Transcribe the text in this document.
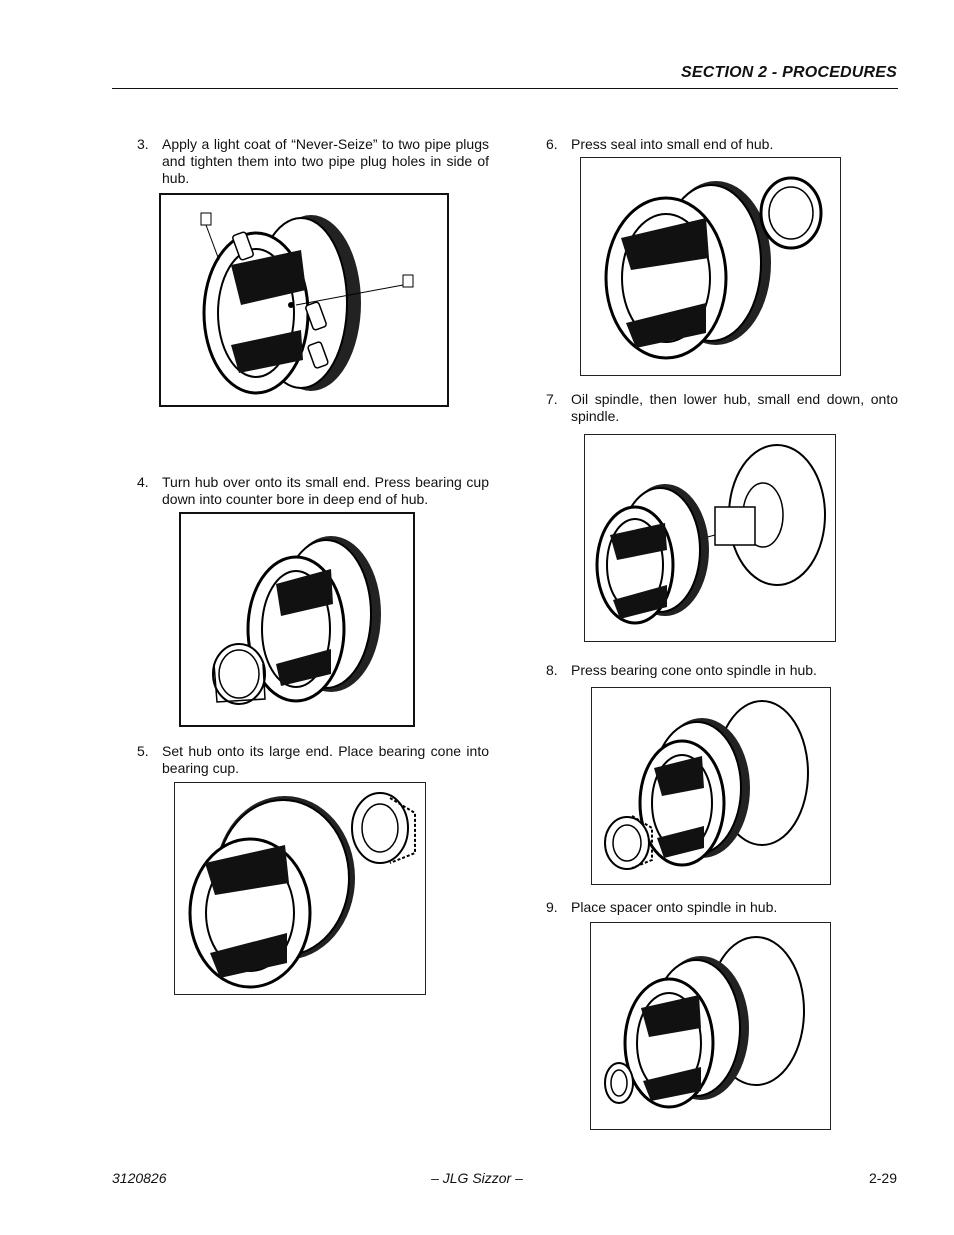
SECTION 2 - PROCEDURES
3. Apply a light coat of “Never-Seize” to two pipe plugs and tighten them into two pipe plug holes in side of hub.
4. Turn hub over onto its small end. Press bearing cup down into counter bore in deep end of hub.
5. Set hub onto its large end. Place bearing cone into bearing cup.
6. Press seal into small end of hub.
7. Oil spindle, then lower hub, small end down, onto spindle.
8. Press bearing cone onto spindle in hub.
9. Place spacer onto spindle in hub.
3120826	– JLG Sizzor –	2-29
